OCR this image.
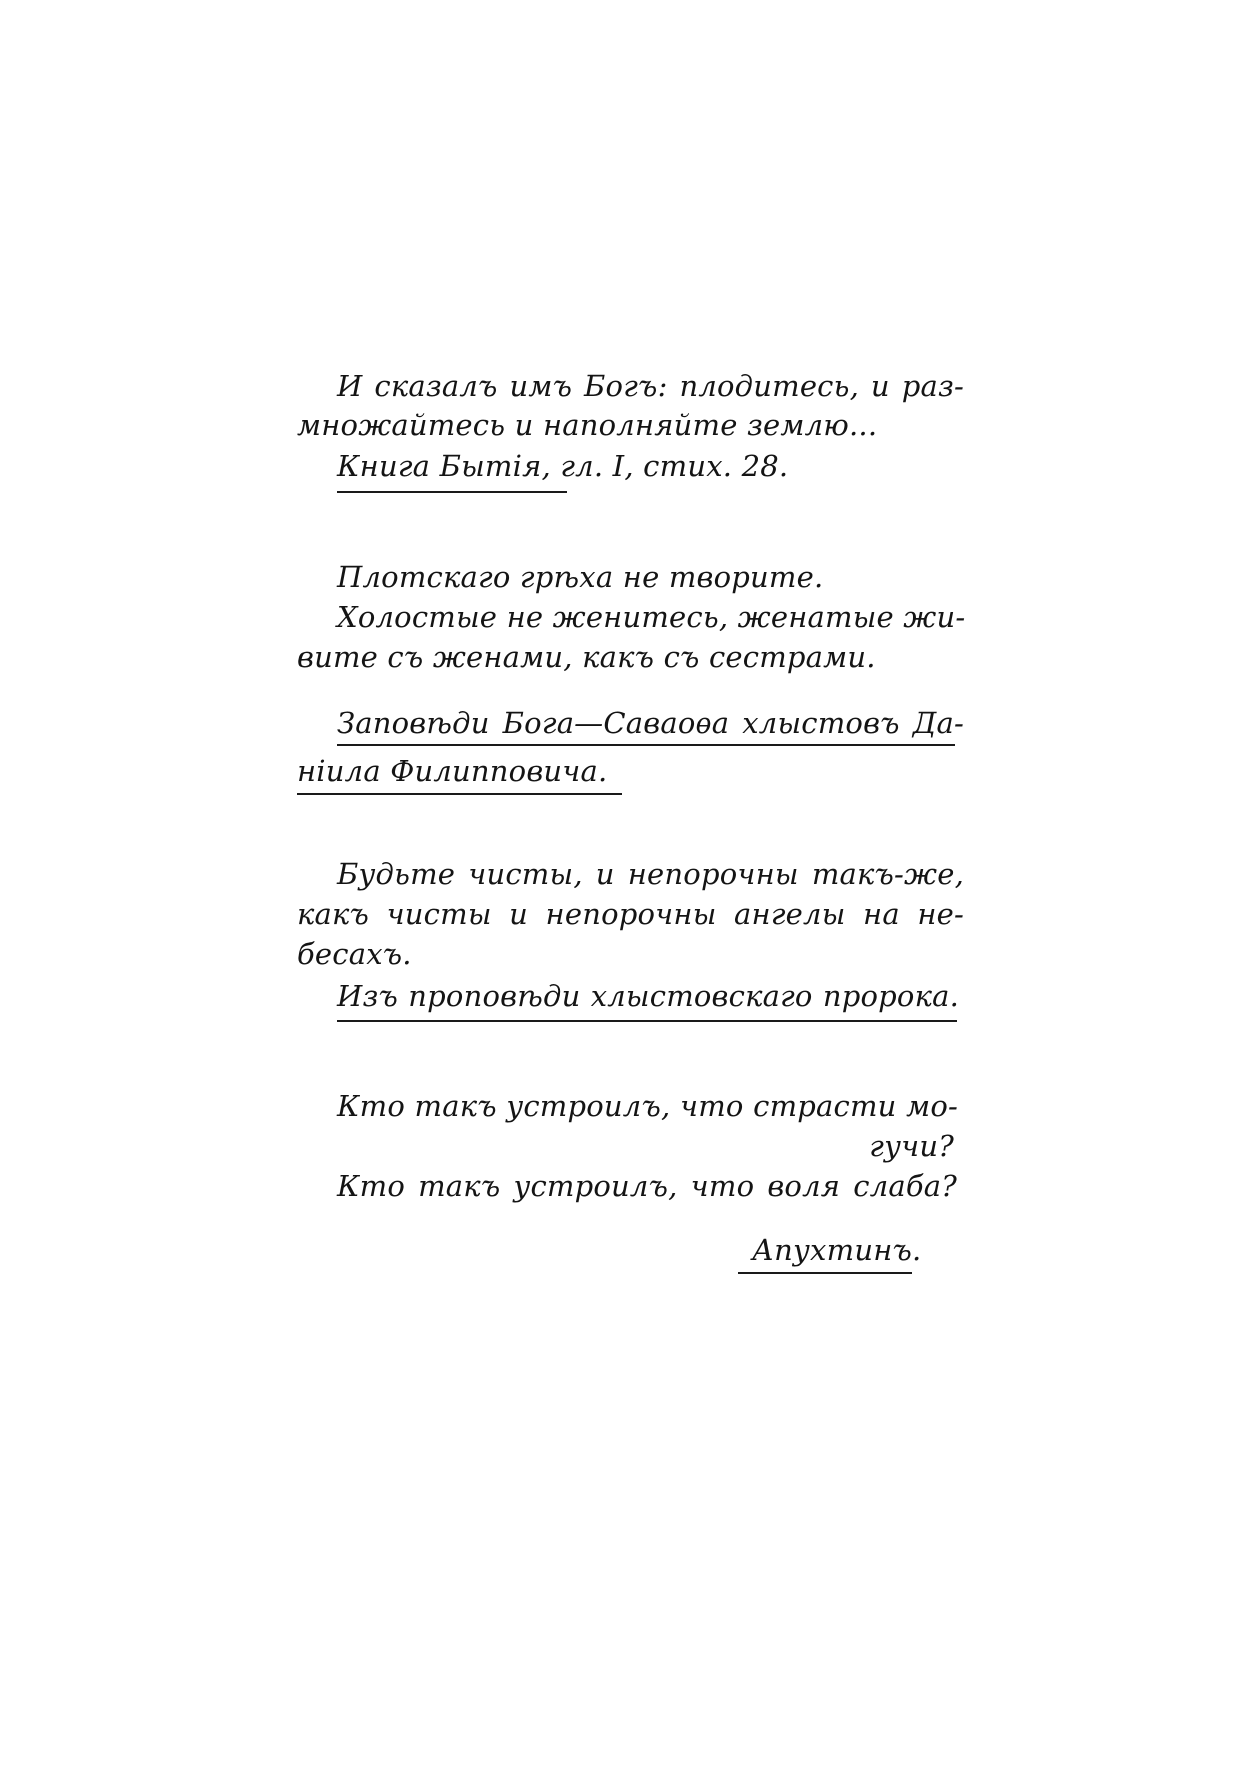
И сказалъ имъ Богъ: плодитесь, и раз-
множайтесь и наполняйте землю...
Книга Бытія, гл. I, стих. 28.
Плотскаго грѣха не творите.
Холостые не женитесь, женатые жи-
вите съ женами, какъ съ сестрами.
Заповѣди Бога—Саваоѳа хлыстовъ Да-
ніила Филипповича.
Будьте чисты, и непорочны такъ-же,
какъ чисты и непорочны ангелы на не-
бесахъ.
Изъ проповѣди хлыстовскаго пророка.
Кто такъ устроилъ, что страсти мо-
гучи?
Кто такъ устроилъ, что воля слаба?
Апухтинъ.
